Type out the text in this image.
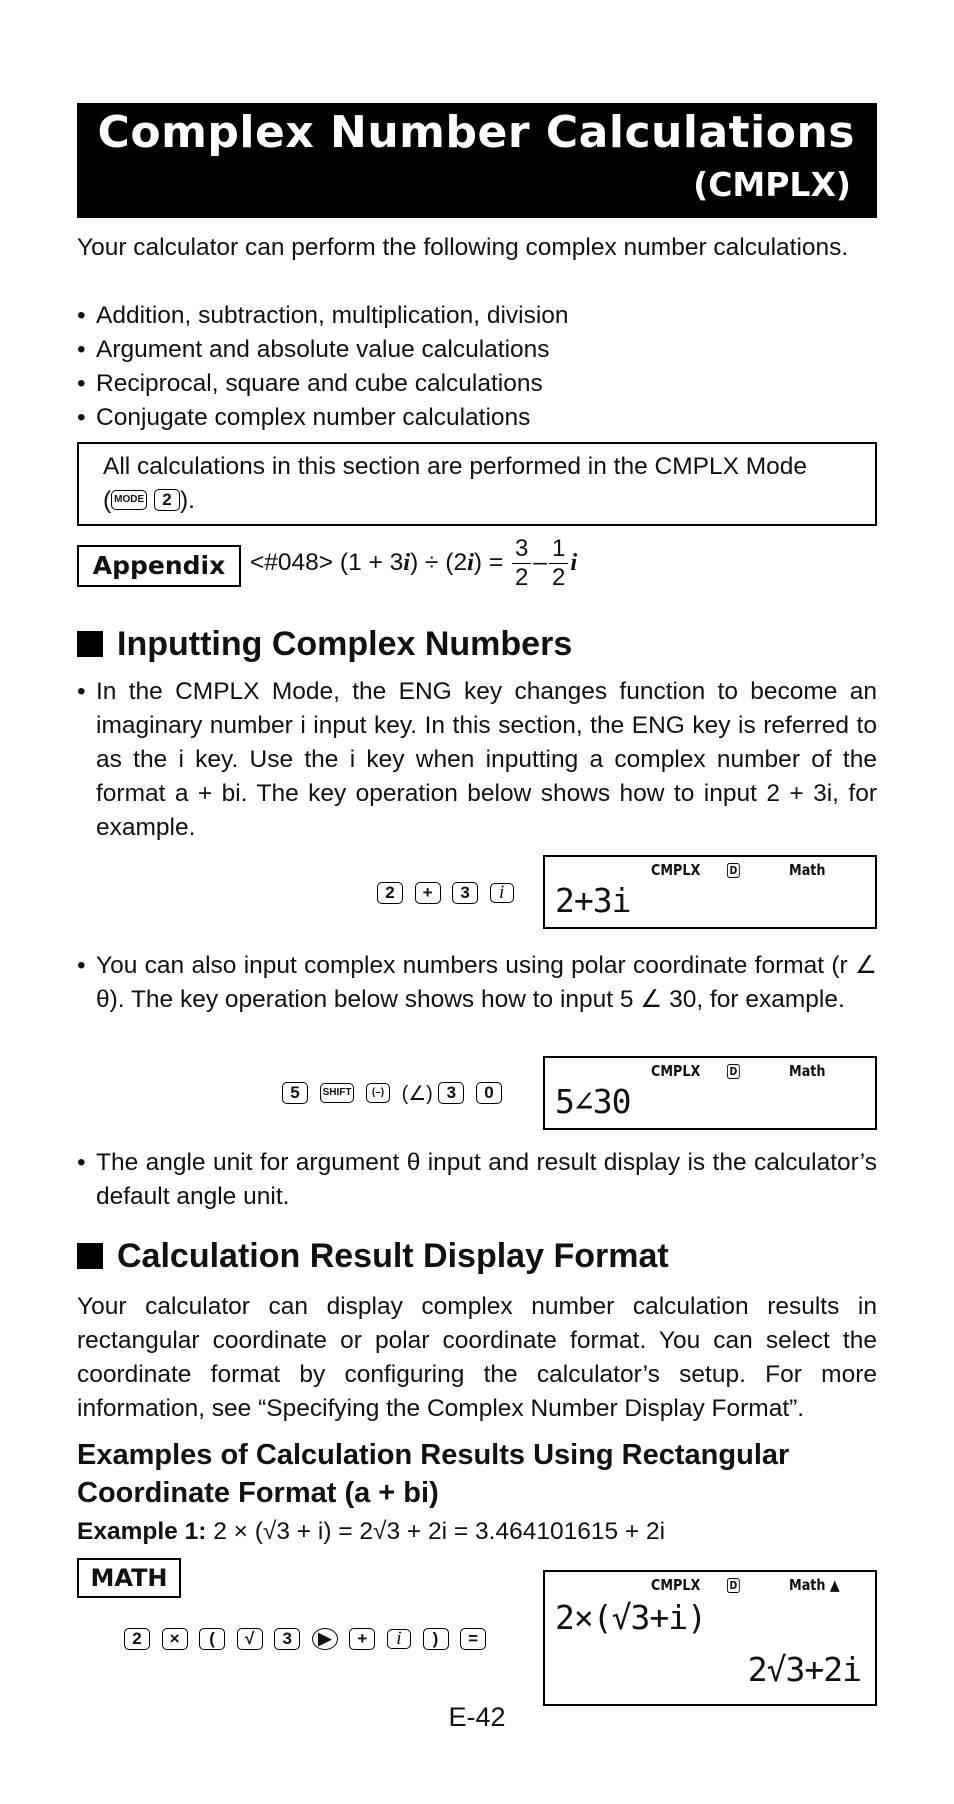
Complex Number Calculations
(CMPLX)
Your calculator can perform the following complex number calculations.
• Addition, subtraction, multiplication, division
• Argument and absolute value calculations
• Reciprocal, square and cube calculations
• Conjugate complex number calculations
All calculations in this section are performed in the CMPLX Mode
( MODE 2 ).
Appendix	<#048> $(1 + 3i) \div (2i) = \frac{3}{2} - \frac{1}{2}$ i
Inputting Complex Numbers
• In the CMPLX Mode, the ENG key changes function to become an imaginary number i input key. In this section, the ENG key is referred to as the i key. Use the i key when inputting a complex number of the format a + bi. The key operation below shows how to input 2 + 3i, for example.
2 + 3 i
CMPLX	D	Math
2+3i
• You can also input complex numbers using polar coordinate format (r ∠ θ). The key operation below shows how to input 5 ∠ 30, for example.
5 SHIFT (–) (∠) 3 0
CMPLX	D	Math
5∠30
• The angle unit for argument θ input and result display is the calculator’s default angle unit.
Calculation Result Display Format
Your calculator can display complex number calculation results in rectangular coordinate or polar coordinate format. You can select the coordinate format by configuring the calculator’s setup. For more information, see “Specifying the Complex Number Display Format”.
Examples of Calculation Results Using Rectangular Coordinate Format (a + bi)
Example 1: 2 × (√3 + i) = 2√3 + 2i = 3.464101615 + 2i
MATH
2 × ( √ 3 ▶ + i ) =
CMPLX	D	Math ▲
2×(√3+i)
2√3+2i
E-42
